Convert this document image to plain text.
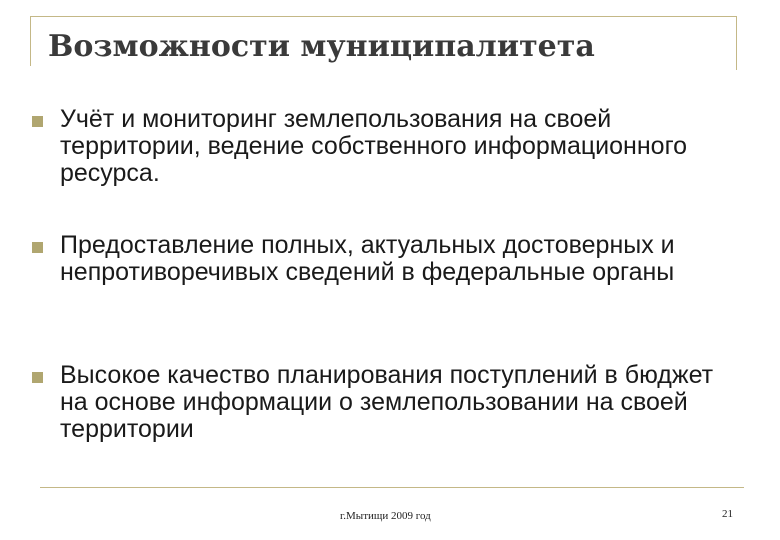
Возможности муниципалитета
Учёт и мониторинг землепользования на своей территории, ведение собственного информационного ресурса.
Предоставление полных, актуальных достоверных и непротиворечивых сведений в федеральные органы
Высокое качество планирования поступлений в бюджет на основе информации о землепользовании на своей территории
г.Мытищи 2009 год	21
